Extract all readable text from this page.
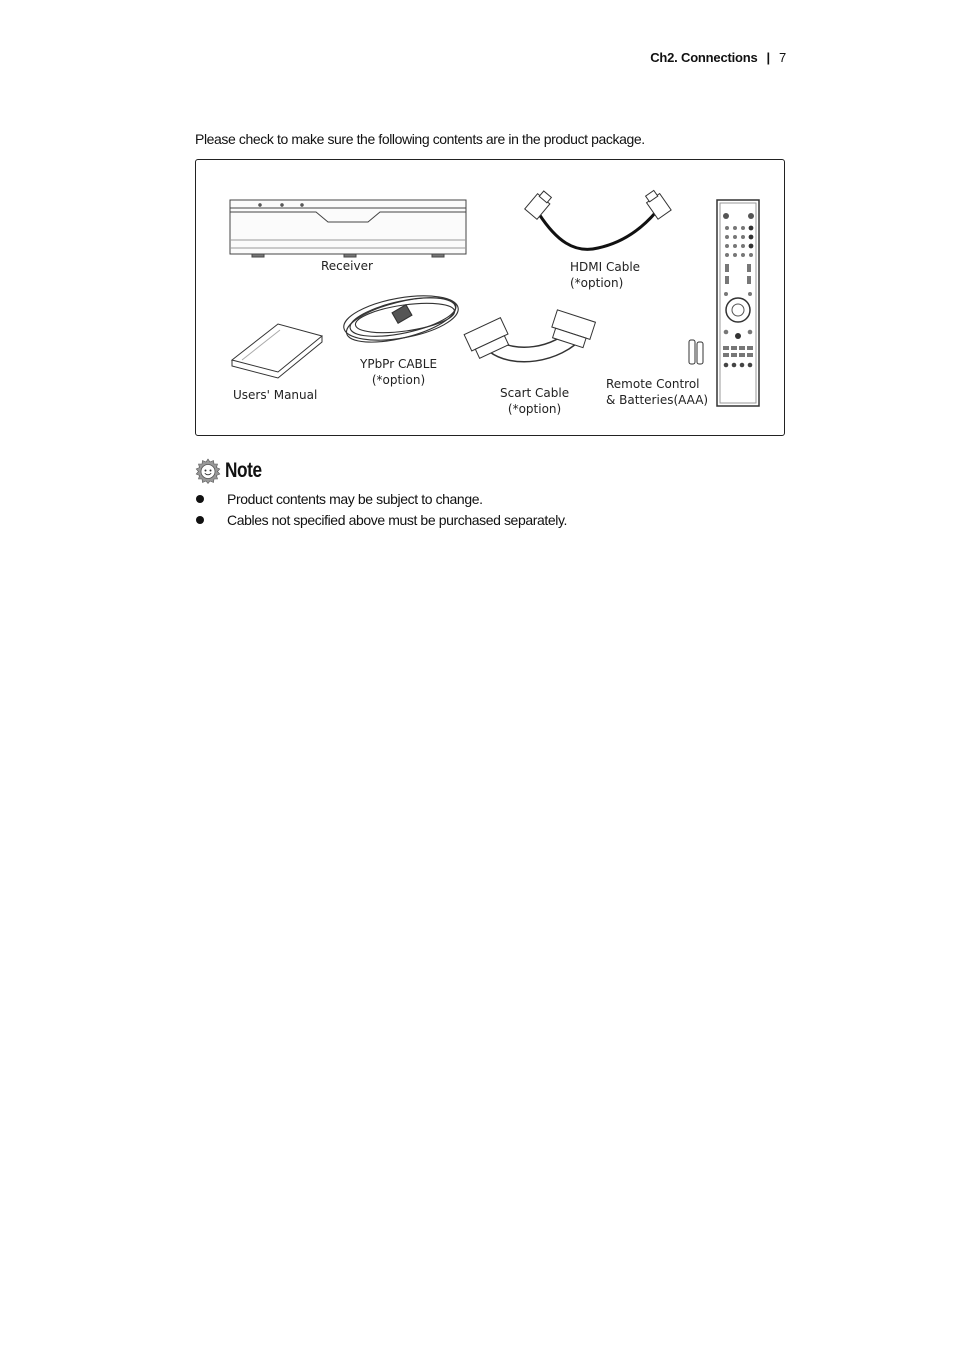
Ch2. Connections | 7
Please check to make sure the following contents are in the product package.
Receiver	HDMI Cable
(*option)
YPbPr CABLE
(*option)
Users' Manual	Scart Cable
(*option)
Remote Control
& Batteries(AAA)
Note
Product contents may be subject to change.
Cables not specified above must be purchased separately.
